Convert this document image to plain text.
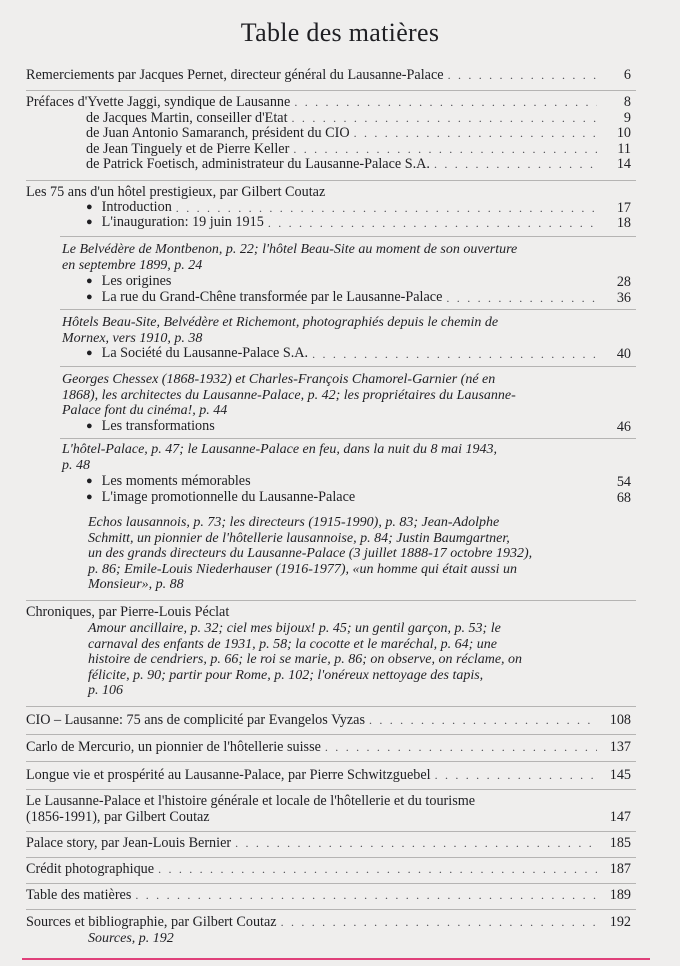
Table des matières
Remerciements par Jacques Pernet, directeur général du Lausanne-Palace . . .	6
Préfaces d'Yvette Jaggi, syndique de Lausanne . . .	8
de Jacques Martin, conseiller d'Etat . . .	9
de Juan Antonio Samaranch, président du CIO . . .	10
de Jean Tinguely et de Pierre Keller . . .	11
de Patrick Foetisch, administrateur du Lausanne-Palace S.A. . . .	14
Les 75 ans d'un hôtel prestigieux, par Gilbert Coutaz
● Introduction . . .	17
● L'inauguration: 19 juin 1915 . . .	18
Le Belvédère de Montbenon, p. 22; l'hôtel Beau-Site au moment de son ouverture
en septembre 1899, p. 24
● Les origines	28
● La rue du Grand-Chêne transformée par le Lausanne-Palace . . .	36
Hôtels Beau-Site, Belvédère et Richemont, photographiés depuis le chemin de
Mornex, vers 1910, p. 38
● La Société du Lausanne-Palace S.A. . . .	40
Georges Chessex (1868-1932) et Charles-François Chamorel-Garnier (né en
1868), les architectes du Lausanne-Palace, p. 42; les propriétaires du Lausanne-
Palace font du cinéma!, p. 44
● Les transformations	46
L'hôtel-Palace, p. 47; le Lausanne-Palace en feu, dans la nuit du 8 mai 1943,
p. 48
● Les moments mémorables	54
● L'image promotionnelle du Lausanne-Palace	68
Echos lausannois, p. 73; les directeurs (1915-1990), p. 83; Jean-Adolphe
Schmitt, un pionnier de l'hôtellerie lausannoise, p. 84; Justin Baumgartner,
un des grands directeurs du Lausanne-Palace (3 juillet 1888-17 octobre 1932),
p. 86; Emile-Louis Niederhauser (1916-1977), «un homme qui était aussi un
Monsieur», p. 88
Chroniques, par Pierre-Louis Péclat
Amour ancillaire, p. 32; ciel mes bijoux! p. 45; un gentil garçon, p. 53; le
carnaval des enfants de 1931, p. 58; la cocotte et le maréchal, p. 64; une
histoire de cendriers, p. 66; le roi se marie, p. 86; on observe, on réclame, on
félicite, p. 90; partir pour Rome, p. 102; l'onéreux nettoyage des tapis,
p. 106
CIO – Lausanne: 75 ans de complicité par Evangelos Vyzas . . .	108
Carlo de Mercurio, un pionnier de l'hôtellerie suisse . . .	137
Longue vie et prospérité au Lausanne-Palace, par Pierre Schwitzguebel . . .	145
Le Lausanne-Palace et l'histoire générale et locale de l'hôtellerie et du tourisme
(1856-1991), par Gilbert Coutaz	147
Palace story, par Jean-Louis Bernier . . .	185
Crédit photographique . . .	187
Table des matières . . .	189
Sources et bibliographie, par Gilbert Coutaz . . .	192
Sources, p. 192
